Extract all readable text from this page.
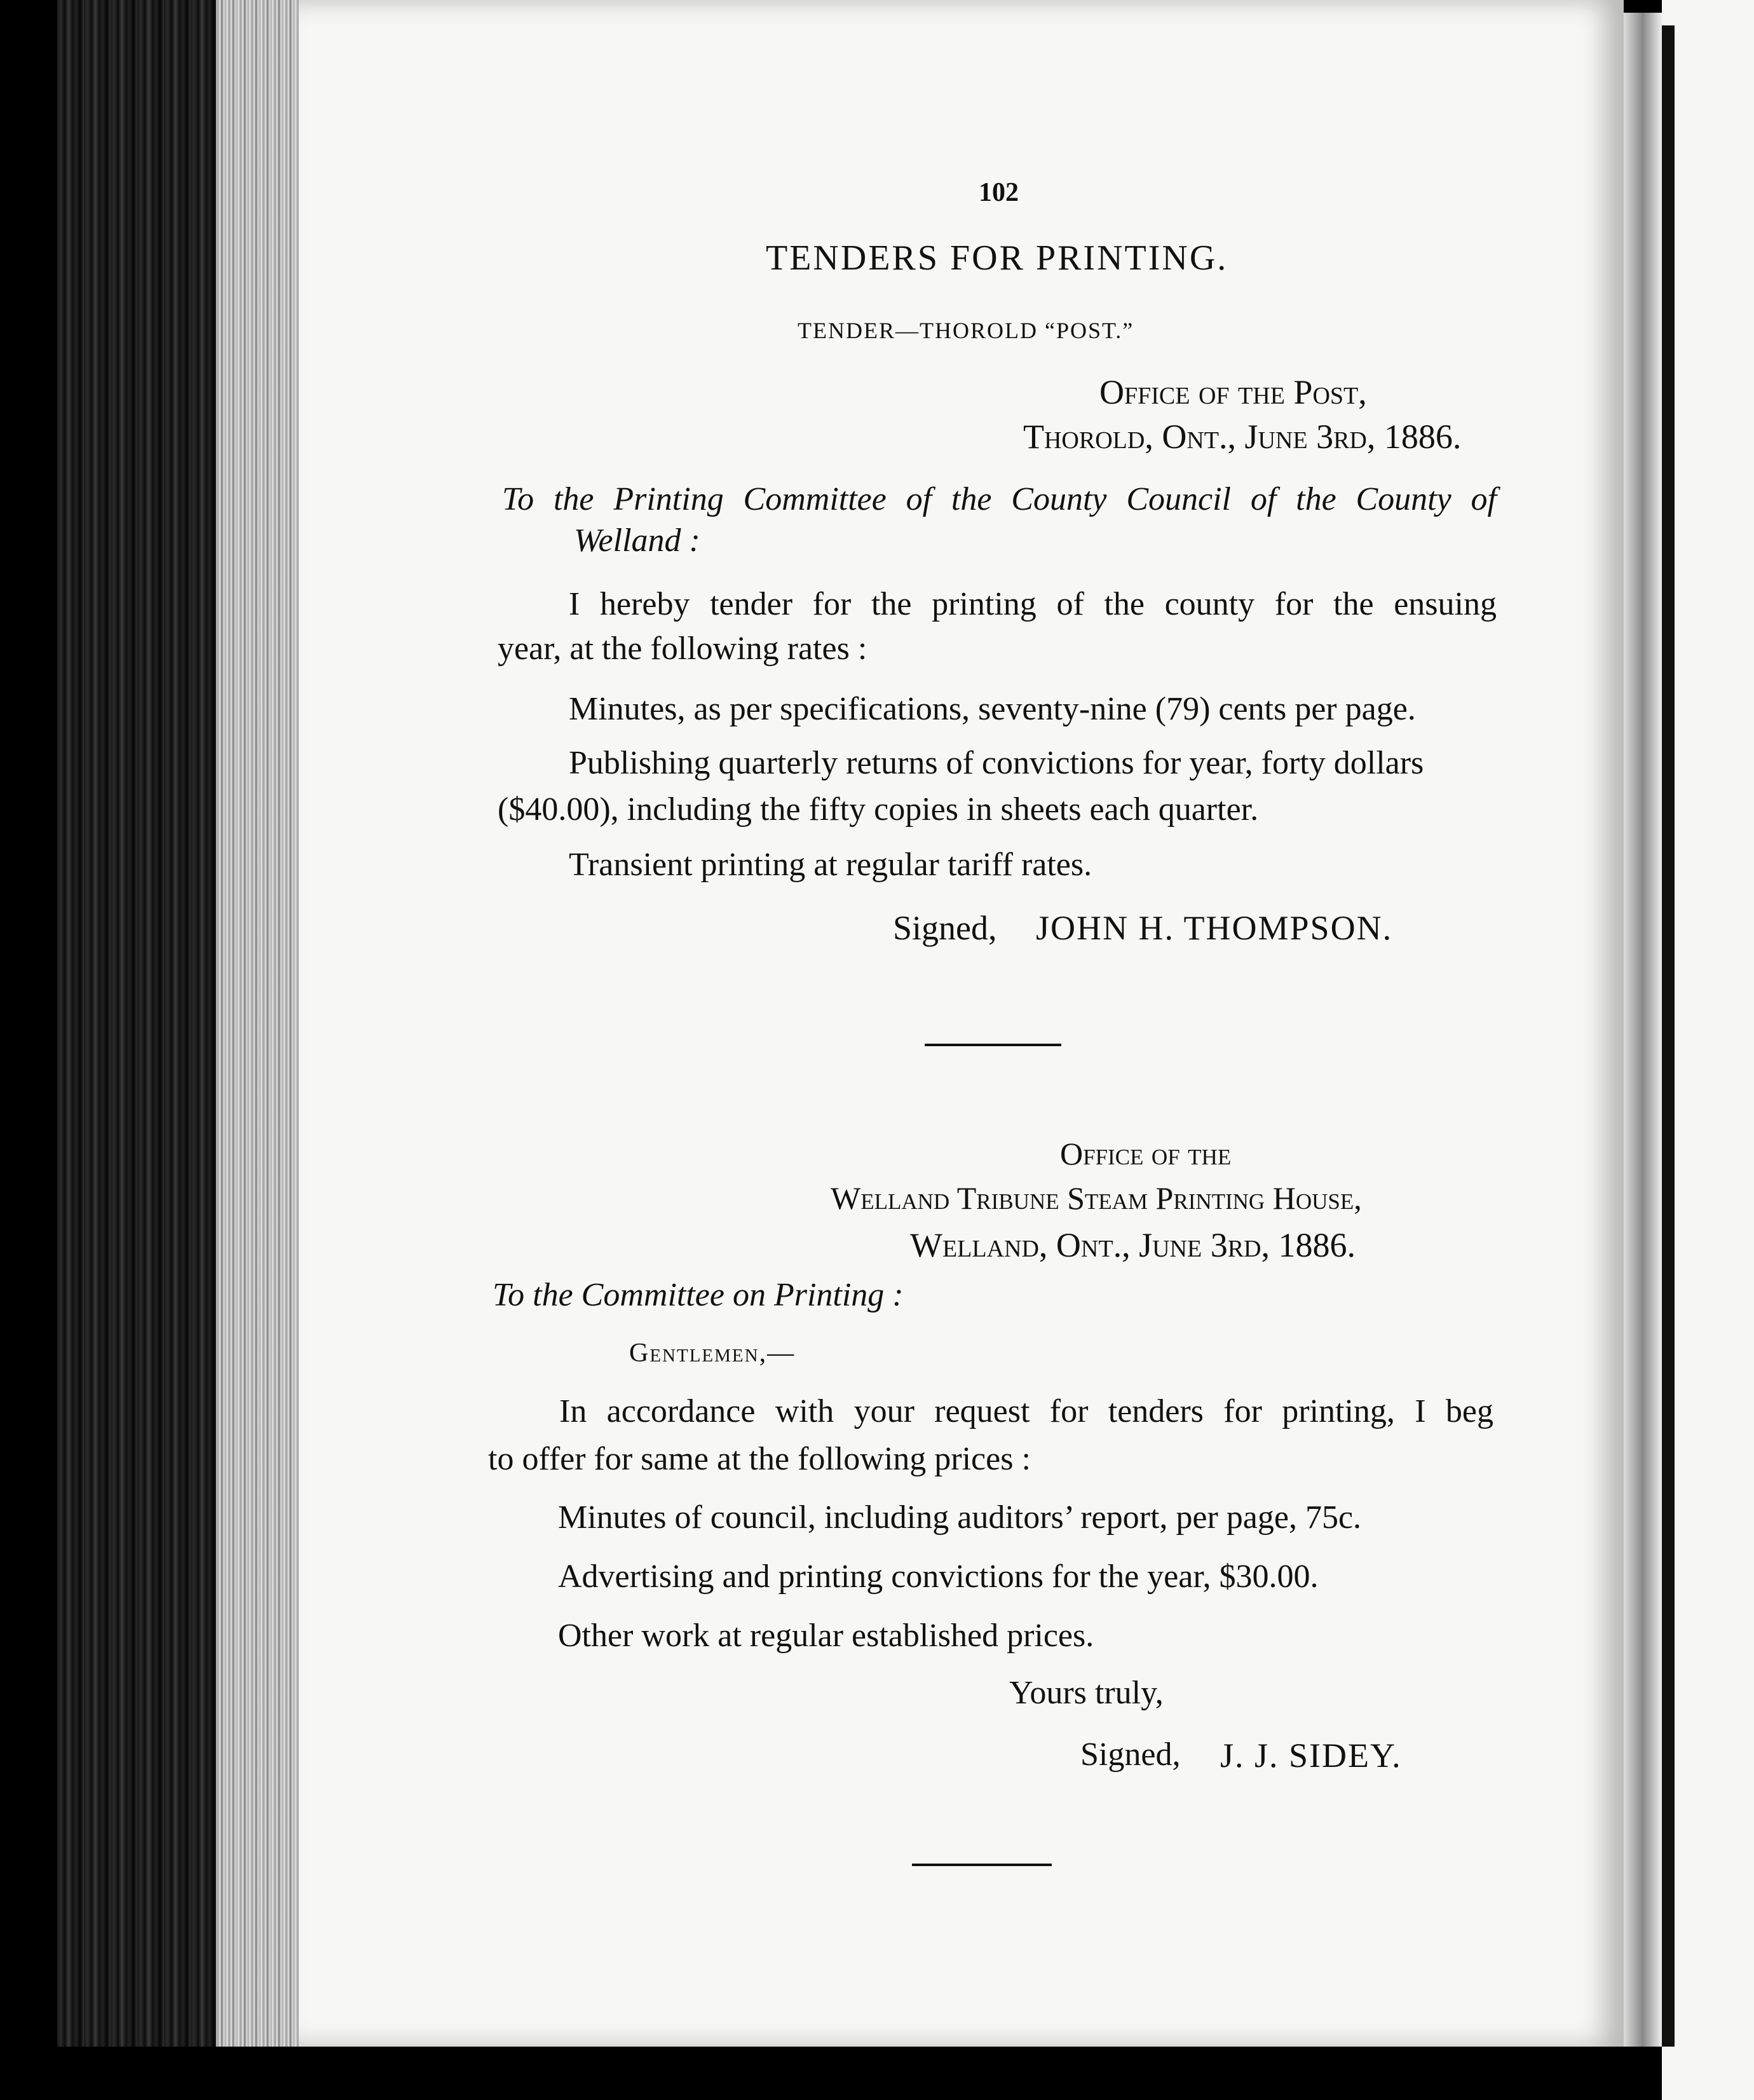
102
TENDERS FOR PRINTING.
TENDER—THOROLD “POST.”
Office of the Post,
Thorold, Ont., June 3rd, 1886.
To the Printing Committee of the County Council of the County of
Welland :
I hereby tender for the printing of the county for the ensuing
year, at the following rates :
Minutes, as per specifications, seventy-nine (79) cents per page.
Publishing quarterly returns of convictions for year, forty dollars
($40.00), including the fifty copies in sheets each quarter.
Transient printing at regular tariff rates.
Signed, JOHN H. THOMPSON.
Office of the
Welland Tribune Steam Printing House,
Welland, Ont., June 3rd, 1886.
To the Committee on Printing :
Gentlemen,—
In accordance with your request for tenders for printing, I beg
to offer for same at the following prices :
Minutes of council, including auditors’ report, per page, 75c.
Advertising and printing convictions for the year, $30.00.
Other work at regular established prices.
Yours truly,
Signed, J. J. SIDEY.
